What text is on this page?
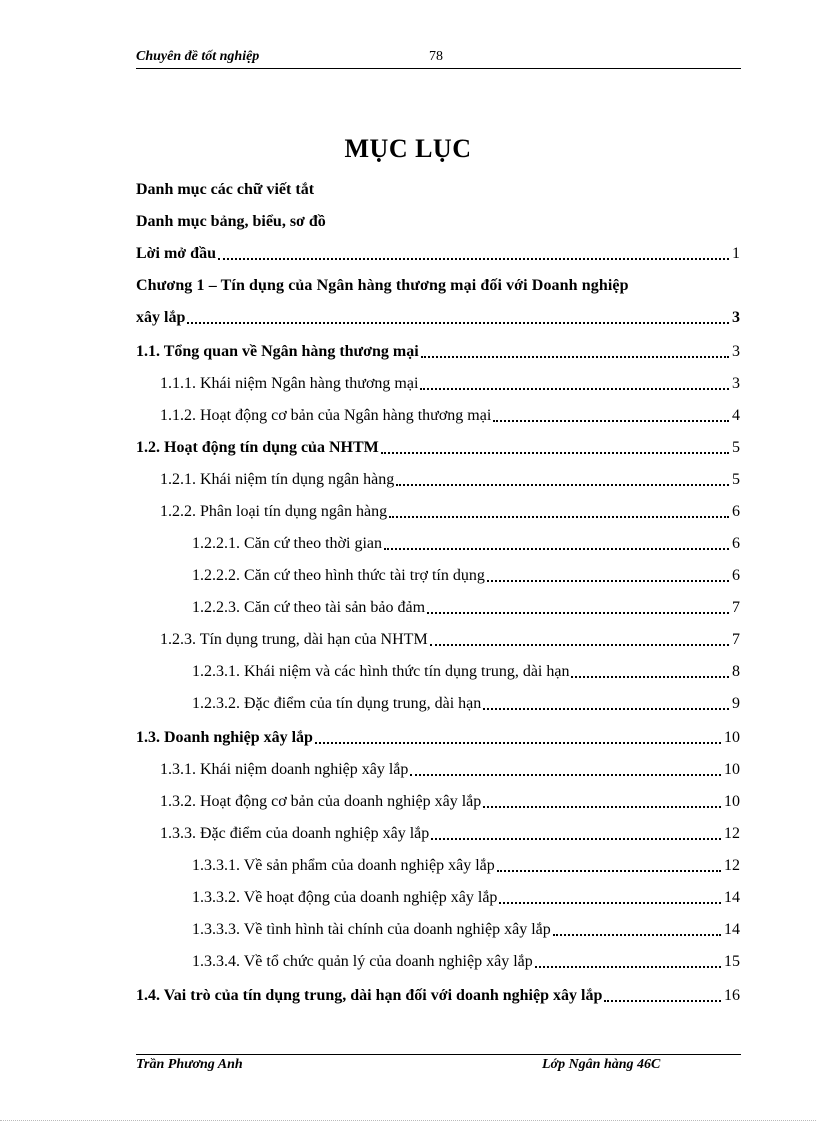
Chuyên đề tốt nghiệp	78
MỤC LỤC
Danh mục các chữ viết tắt
Danh mục bảng, biểu, sơ đồ
Lời mở đầu	1
Chương 1 – Tín dụng của Ngân hàng thương mại đối với Doanh nghiệp
xây lắp	3
1.1. Tổng quan về Ngân hàng thương mại	3
1.1.1. Khái niệm Ngân hàng thương mại	3
1.1.2. Hoạt động cơ bản của Ngân hàng thương mại	4
1.2. Hoạt động tín dụng của NHTM	5
1.2.1. Khái niệm tín dụng ngân hàng	5
1.2.2. Phân loại tín dụng ngân hàng	6
1.2.2.1. Căn cứ theo thời gian	6
1.2.2.2. Căn cứ theo hình thức tài trợ tín dụng	6
1.2.2.3. Căn cứ theo tài sản bảo đảm	7
1.2.3. Tín dụng trung, dài hạn của NHTM	7
1.2.3.1. Khái niệm và các hình thức tín dụng trung, dài hạn	8
1.2.3.2. Đặc điểm của tín dụng trung, dài hạn	9
1.3. Doanh nghiệp xây lắp	10
1.3.1. Khái niệm doanh nghiệp xây lắp	10
1.3.2. Hoạt động cơ bản của doanh nghiệp xây lắp	10
1.3.3. Đặc điểm của doanh nghiệp xây lắp	12
1.3.3.1. Về sản phẩm của doanh nghiệp xây lắp	12
1.3.3.2. Về hoạt động của doanh nghiệp xây lắp	14
1.3.3.3. Về tình hình tài chính của doanh nghiệp xây lắp	14
1.3.3.4. Về tổ chức quản lý của doanh nghiệp xây lắp	15
1.4. Vai trò của tín dụng trung, dài hạn đối với doanh nghiệp xây lắp	16
Trần Phương Anh	Lớp Ngân hàng 46C
